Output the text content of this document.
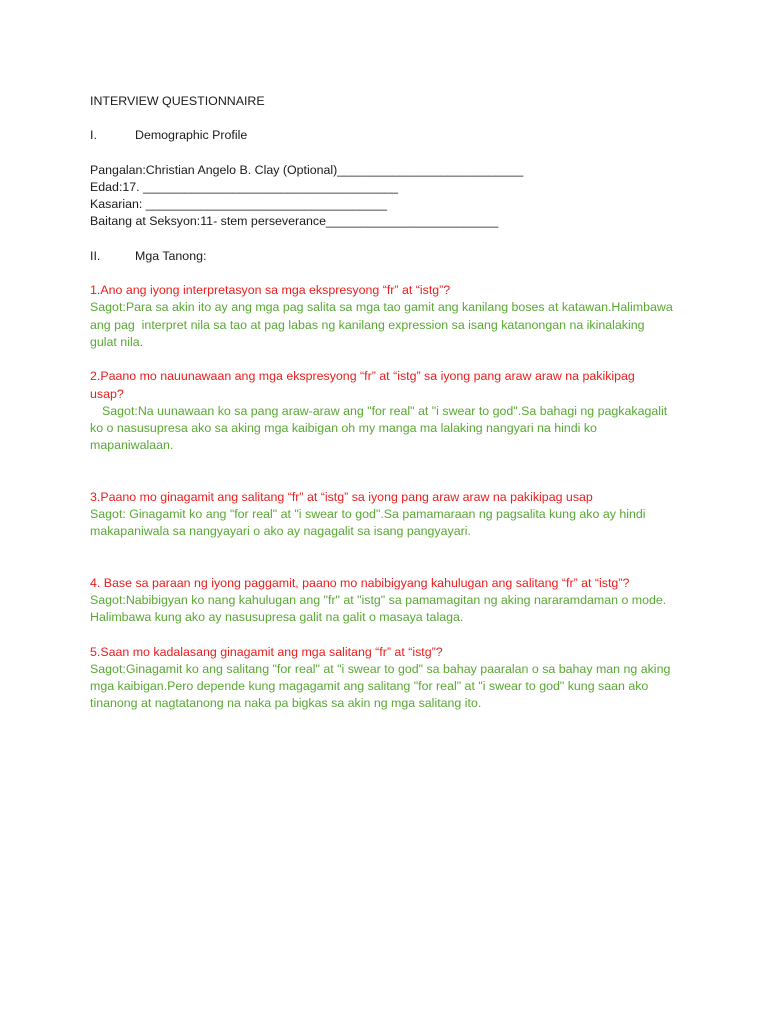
INTERVIEW QUESTIONNAIRE

I.	Demographic Profile

Pangalan:Christian Angelo B. Clay (Optional)___________________________

Edad:17. _____________________________________

Kasarian: ___________________________________

Baitang at Seksyon:11- stem perseverance_________________________

II.	Mga Tanong:

1.Ano ang iyong interpretasyon sa mga ekspresyong “fr” at “istg”?

Sagot:Para sa akin ito ay ang mga pag salita sa mga tao gamit ang kanilang boses at katawan.Halimbawa

ang pag  interpret nila sa tao at pag labas ng kanilang expression sa isang katanongan na ikinalaking

gulat nila.

2.Paano mo nauunawaan ang mga ekspresyong “fr” at “istg” sa iyong pang araw araw na pakikipag

usap?

Sagot:Na uunawaan ko sa pang araw-araw ang "for real" at "i swear to god".Sa bahagi ng pagkakagalit

ko o nasusupresa ako sa aking mga kaibigan oh my manga ma lalaking nangyari na hindi ko

mapaniwalaan.

3.Paano mo ginagamit ang salitang “fr” at “istg” sa iyong pang araw araw na pakikipag usap

Sagot: Ginagamit ko ang "for real" at "i swear to god".Sa pamamaraan ng pagsalita kung ako ay hindi

makapaniwala sa nangyayari o ako ay nagagalit sa isang pangyayari.

4. Base sa paraan ng iyong paggamit, paano mo nabibigyang kahulugan ang salitang “fr” at “istg”?

Sagot:Nabibigyan ko nang kahulugan ang "fr" at "istg" sa pamamagitan ng aking nararamdaman o mode.

Halimbawa kung ako ay nasusupresa galit na galit o masaya talaga.

5.Saan mo kadalasang ginagamit ang mga salitang “fr” at “istg”?

Sagot:Ginagamit ko ang salitang "for real" at "i swear to god" sa bahay paaralan o sa bahay man ng aking

mga kaibigan.Pero depende kung magagamit ang salitang "for real" at "i swear to god" kung saan ako

tinanong at nagtatanong na naka pa bigkas sa akin ng mga salitang ito.
